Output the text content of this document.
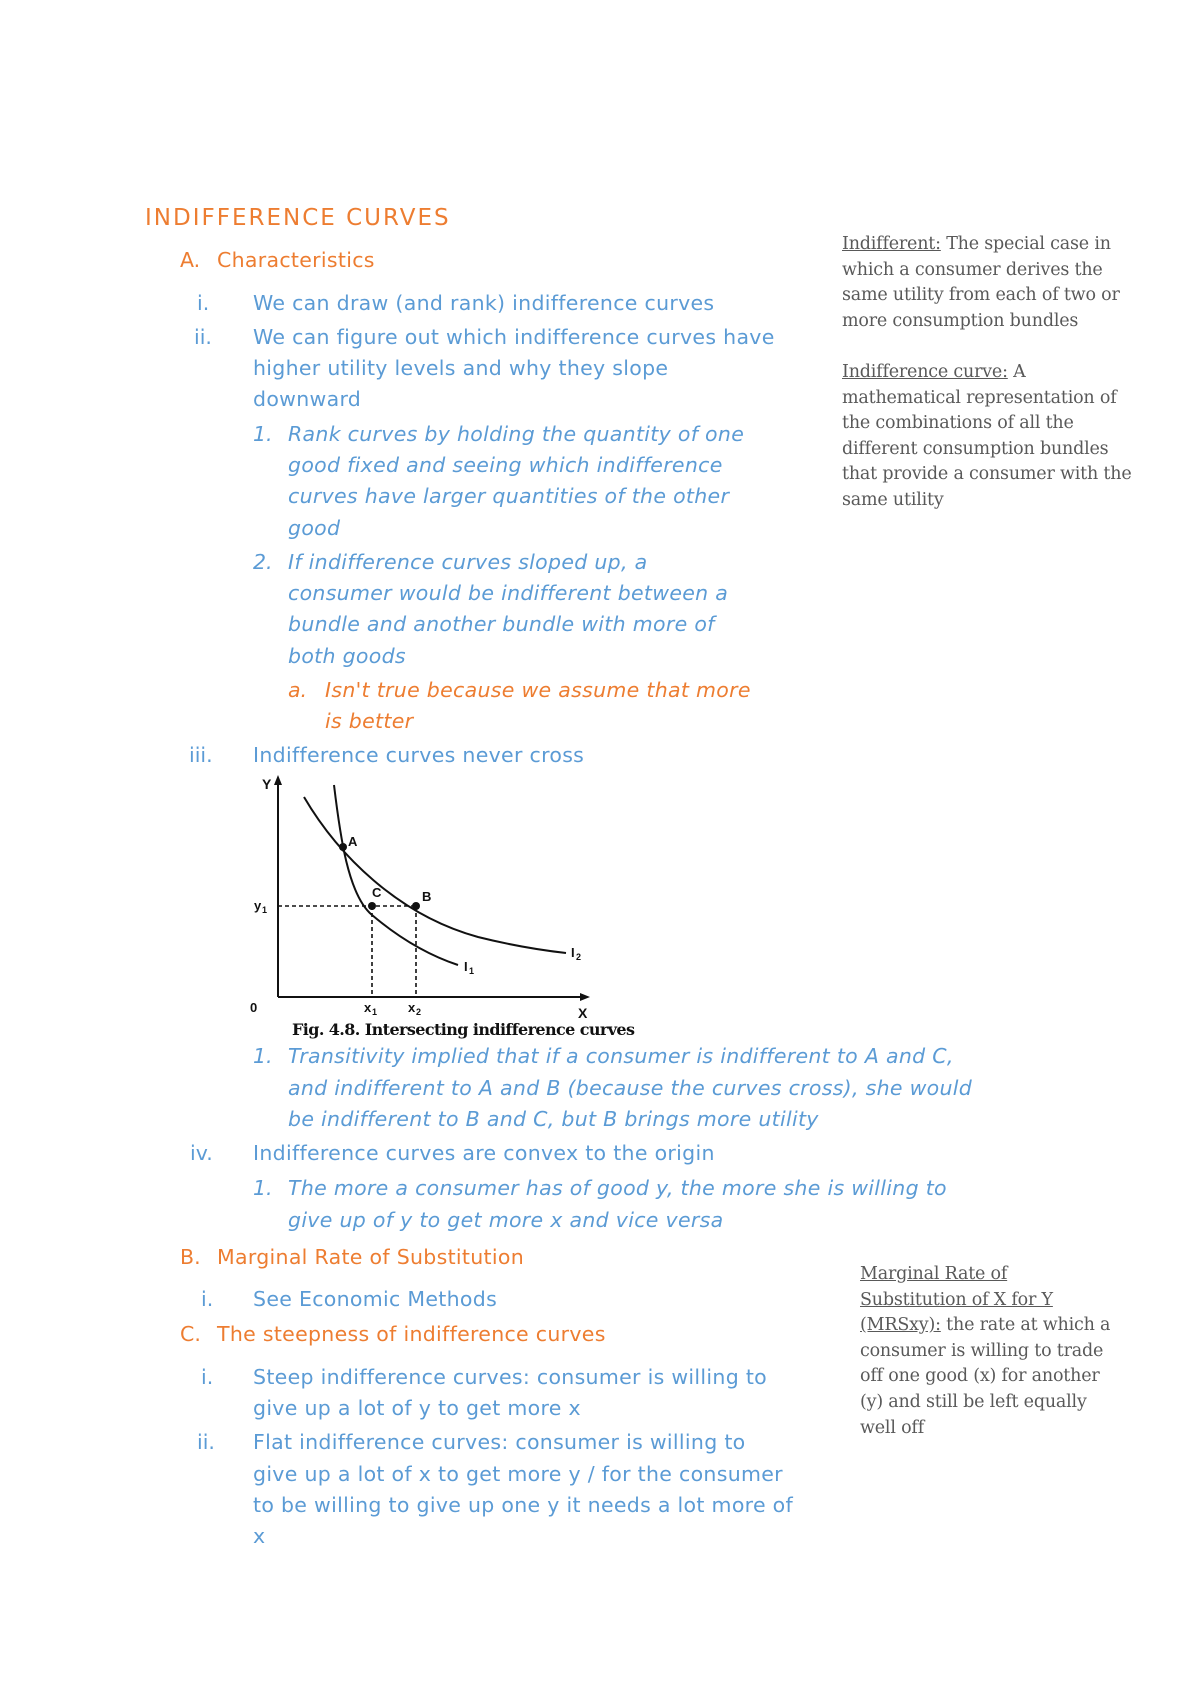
INDIFFERENCE CURVES
A. Characteristics
i. We can draw (and rank) indifference curves
ii. We can figure out which indifference curves have
higher utility levels and why they slope
downward
1. Rank curves by holding the quantity of one
good fixed and seeing which indifference
curves have larger quantities of the other
good
2. If indifference curves sloped up, a
consumer would be indifferent between a
bundle and another bundle with more of
both goods
a. Isn't true because we assume that more
is better
iii. Indifference curves never cross
Y
X
0
A
B
C
y 1
x 1 x 2
I 1
I 2
Fig. 4.8. Intersecting indifference curves
1. Transitivity implied that if a consumer is indifferent to A and C,
and indifferent to A and B (because the curves cross), she would
be indifferent to B and C, but B brings more utility
iv. Indifference curves are convex to the origin
1. The more a consumer has of good y, the more she is willing to
give up of y to get more x and vice versa
B. Marginal Rate of Substitution
i. See Economic Methods
C. The steepness of indifference curves
i. Steep indifference curves: consumer is willing to
give up a lot of y to get more x
ii. Flat indifference curves: consumer is willing to
give up a lot of x to get more y / for the consumer
to be willing to give up one y it needs a lot more of
x
Indifferent: The special case in
which a consumer derives the
same utility from each of two or
more consumption bundles
Indifference curve: A
mathematical representation of
the combinations of all the
different consumption bundles
that provide a consumer with the
same utility
Marginal Rate of
Substitution of X for Y
(MRSxy): the rate at which a
consumer is willing to trade
off one good (x) for another
(y) and still be left equally
well off
